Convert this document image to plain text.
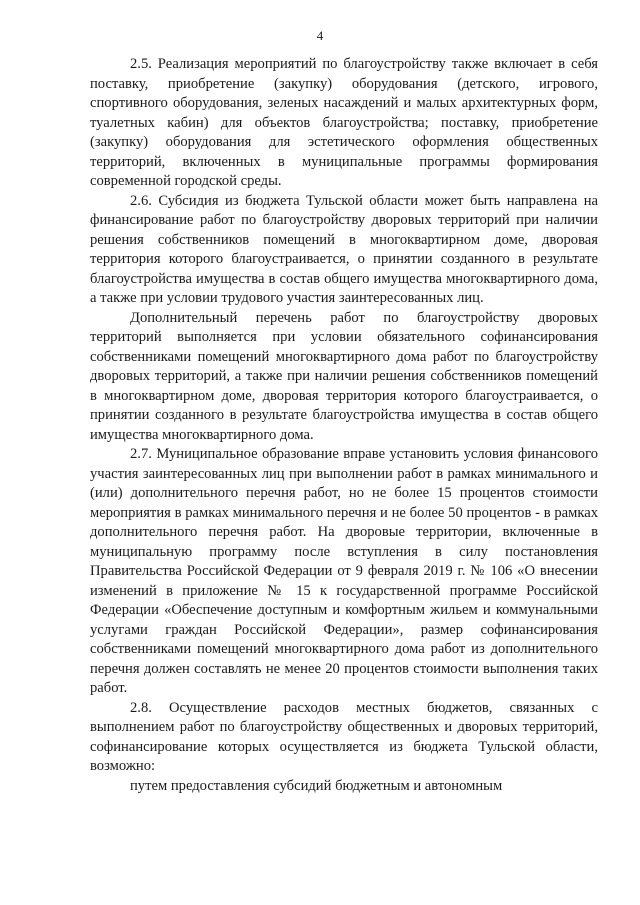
4

2.5. Реализация мероприятий по благоустройству также включает в себя поставку, приобретение (закупку) оборудования (детского, игрового, спортивного оборудования, зеленых насаждений и малых архитектурных форм, туалетных кабин) для объектов благоустройства; поставку, приобретение (закупку) оборудования для эстетического оформления общественных территорий, включенных в муниципальные программы формирования современной городской среды.

2.6. Субсидия из бюджета Тульской области может быть направлена на финансирование работ по благоустройству дворовых территорий при наличии решения собственников помещений в многоквартирном доме, дворовая территория которого благоустраивается, о принятии созданного в результате благоустройства имущества в состав общего имущества многоквартирного дома, а также при условии трудового участия заинтересованных лиц.

Дополнительный перечень работ по благоустройству дворовых территорий выполняется при условии обязательного софинансирования собственниками помещений многоквартирного дома работ по благоустройству дворовых территорий, а также при наличии решения собственников помещений в многоквартирном доме, дворовая территория которого благоустраивается, о принятии созданного в результате благоустройства имущества в состав общего имущества многоквартирного дома.

2.7. Муниципальное образование вправе установить условия финансового участия заинтересованных лиц при выполнении работ в рамках минимального и (или) дополнительного перечня работ, но не более 15 процентов стоимости мероприятия в рамках минимального перечня и не более 50 процентов - в рамках дополнительного перечня работ. На дворовые территории, включенные в муниципальную программу после вступления в силу постановления Правительства Российской Федерации от 9 февраля 2019 г. № 106 «О внесении изменений в приложение № 15 к государственной программе Российской Федерации «Обеспечение доступным и комфортным жильем и коммунальными услугами граждан Российской Федерации», размер софинансирования собственниками помещений многоквартирного дома работ из дополнительного перечня должен составлять не менее 20 процентов стоимости выполнения таких работ.

2.8. Осуществление расходов местных бюджетов, связанных с выполнением работ по благоустройству общественных и дворовых территорий, софинансирование которых осуществляется из бюджета Тульской области, возможно:

путем предоставления субсидий бюджетным и автономным
